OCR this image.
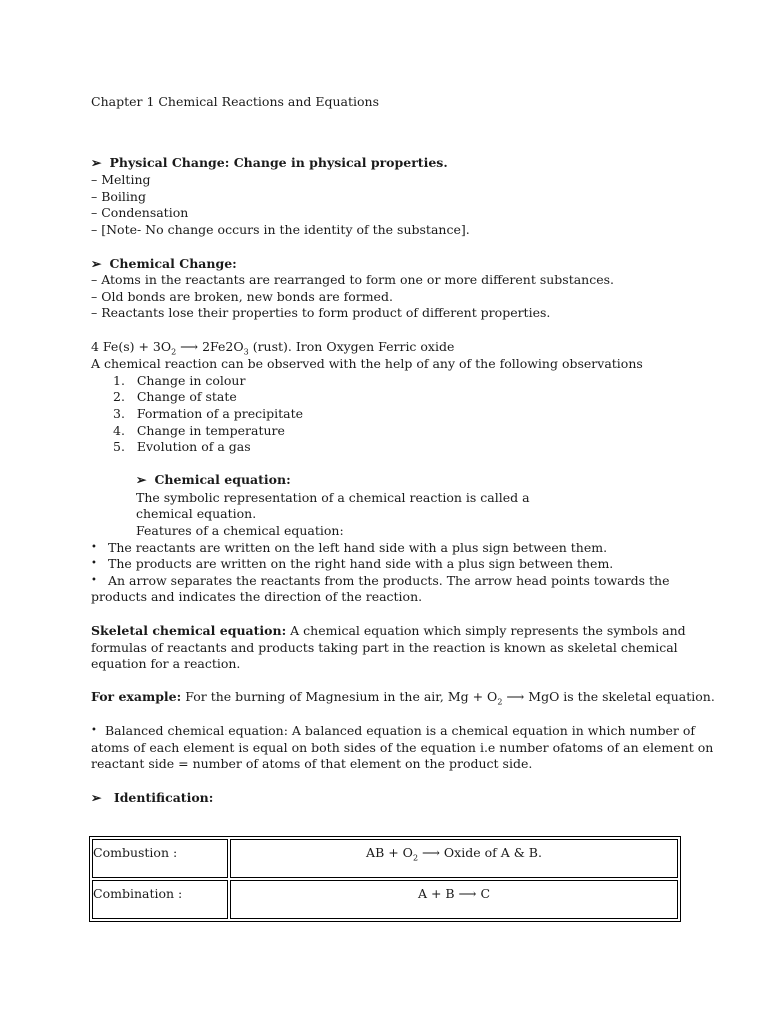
Chapter 1 Chemical Reactions and Equations
➢ Physical Change: Change in physical properties.
– Melting
– Boiling
– Condensation
– [Note- No change occurs in the identity of the substance].
➢ Chemical Change:
– Atoms in the reactants are rearranged to form one or more different substances.
– Old bonds are broken, new bonds are formed.
– Reactants lose their properties to form product of different properties.
4 $Fe(s) + 3O_2$ ⟶ $2Fe2O_3$ (rust). Iron Oxygen Ferric oxide
A chemical reaction can be observed with the help of any of the following observations
1. Change in colour
2. Change of state
3. Formation of a precipitate
4. Change in temperature
5. Evolution of a gas
➢ Chemical equation:
The symbolic representation of a chemical reaction is called a
chemical equation.
Features of a chemical equation:
• The reactants are written on the left hand side with a plus sign between them.
• The products are written on the right hand side with a plus sign between them.
• An arrow separates the reactants from the products. The arrow head points towards the
products and indicates the direction of the reaction.
Skeletal chemical equation: A chemical equation which simply represents the symbols and
formulas of reactants and products taking part in the reaction is known as skeletal chemical
equation for a reaction.
For example: For the burning of Magnesium in the air, $Mg + O_2$ ⟶ MgO is the skeletal equation.
• Balanced chemical equation: A balanced equation is a chemical equation in which number of
atoms of each element is equal on both sides of the equation i.e number ofatoms of an element on
reactant side = number of atoms of that element on the product side.
➢ Identification:
Combustion :	AB + $O_2$ ⟶ Oxide of A & B.
Combination :	A + B ⟶ C
